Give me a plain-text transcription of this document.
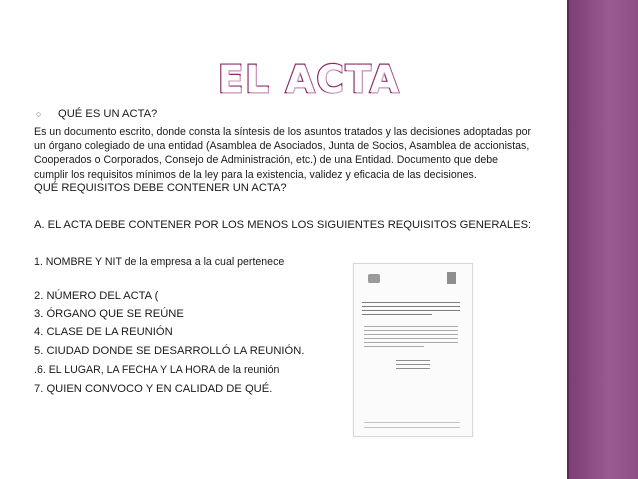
EL ACTA
○	QUÉ ES UN ACTA?
Es un documento escrito, donde consta la síntesis de los asuntos tratados y las decisiones adoptadas por un órgano colegiado de una entidad (Asamblea de Asociados, Junta de Socios, Asamblea de accionistas, Cooperados o Corporados, Consejo de Administración, etc.) de una Entidad. Documento que debe cumplir los requisitos mínimos de la ley para la existencia, validez y eficacia de las decisiones.
QUÉ REQUISITOS DEBE CONTENER UN ACTA?
A. EL ACTA DEBE CONTENER POR LOS MENOS LOS SIGUIENTES REQUISITOS GENERALES:
1. NOMBRE Y NIT de la empresa a la cual pertenece
2. NÚMERO DEL ACTA (
3. ÓRGANO QUE SE REÚNE
4. CLASE DE LA REUNIÓN
5. CIUDAD DONDE SE DESARROLLÓ LA REUNIÓN.
.6. EL LUGAR, LA FECHA Y LA HORA de la reunión
7. QUIEN CONVOCO Y EN CALIDAD DE QUÉ.
